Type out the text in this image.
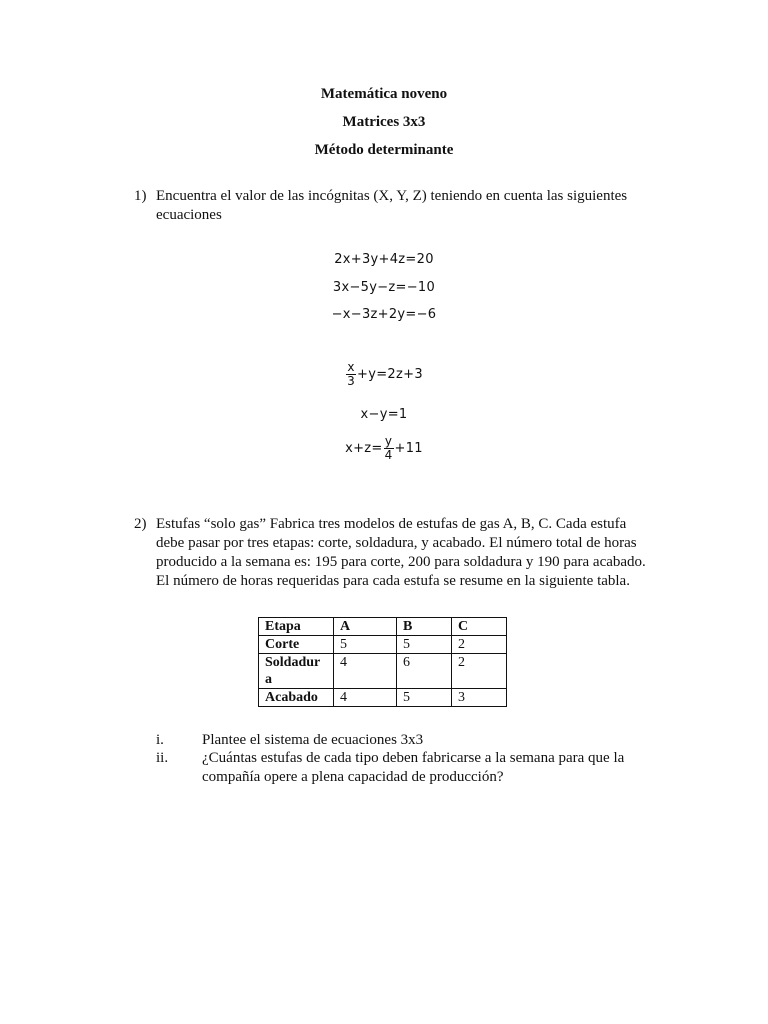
Matemática noveno
Matrices 3x3
Método determinante
1) Encuentra el valor de las incógnitas (X, Y, Z) teniendo en cuenta las siguientes ecuaciones
2x+3y+4z=20
3x−5y−z=−10
−x−3z+2y=−6
$\frac{x}{3} +y=2z+3$
x−y=1
$x+z= \frac{y}{4} +11$
2) Estufas “solo gas” Fabrica tres modelos de estufas de gas A, B, C. Cada estufa debe pasar por tres etapas: corte, soldadura, y acabado. El número total de horas producido a la semana es: 195 para corte, 200 para soldadura y 190 para acabado. El número de horas requeridas para cada estufa se resume en la siguiente tabla.
Etapa	A	B	C
Corte	5	5	2
Soldadura	4	6	2
Acabado	4	5	3
i.	Plantee el sistema de ecuaciones 3x3
ii. ¿Cuántas estufas de cada tipo deben fabricarse a la semana para que la compañía opere a plena capacidad de producción?
